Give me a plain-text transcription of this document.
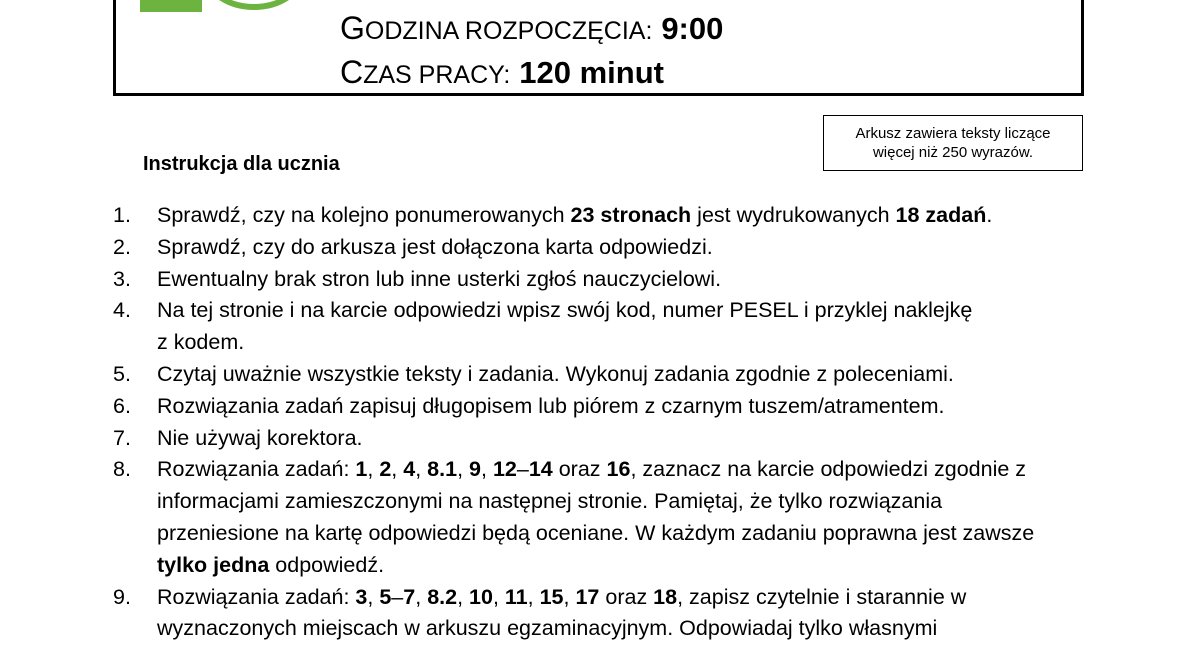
GODZINA ROZPOCZĘCIA: 9:00
CZAS PRACY: 120 minut
Arkusz zawiera teksty liczące
więcej niż 250 wyrazów.
Instrukcja dla ucznia
1. Sprawdź, czy na kolejno ponumerowanych 23 stronach jest wydrukowanych 18 zadań.
2. Sprawdź, czy do arkusza jest dołączona karta odpowiedzi.
3. Ewentualny brak stron lub inne usterki zgłoś nauczycielowi.
4. Na tej stronie i na karcie odpowiedzi wpisz swój kod, numer PESEL i przyklej naklejkę z kodem.
5. Czytaj uważnie wszystkie teksty i zadania. Wykonuj zadania zgodnie z poleceniami.
6. Rozwiązania zadań zapisuj długopisem lub piórem z czarnym tuszem/atramentem.
7. Nie używaj korektora.
8. Rozwiązania zadań: 1, 2, 4, 8.1, 9, 12–14 oraz 16, zaznacz na karcie odpowiedzi zgodnie z informacjami zamieszczonymi na następnej stronie. Pamiętaj, że tylko rozwiązania przeniesione na kartę odpowiedzi będą oceniane. W każdym zadaniu poprawna jest zawsze tylko jedna odpowiedź.
9. Rozwiązania zadań: 3, 5–7, 8.2, 10, 11, 15, 17 oraz 18, zapisz czytelnie i starannie w wyznaczonych miejscach w arkuszu egzaminacyjnym. Odpowiadaj tylko własnymi
